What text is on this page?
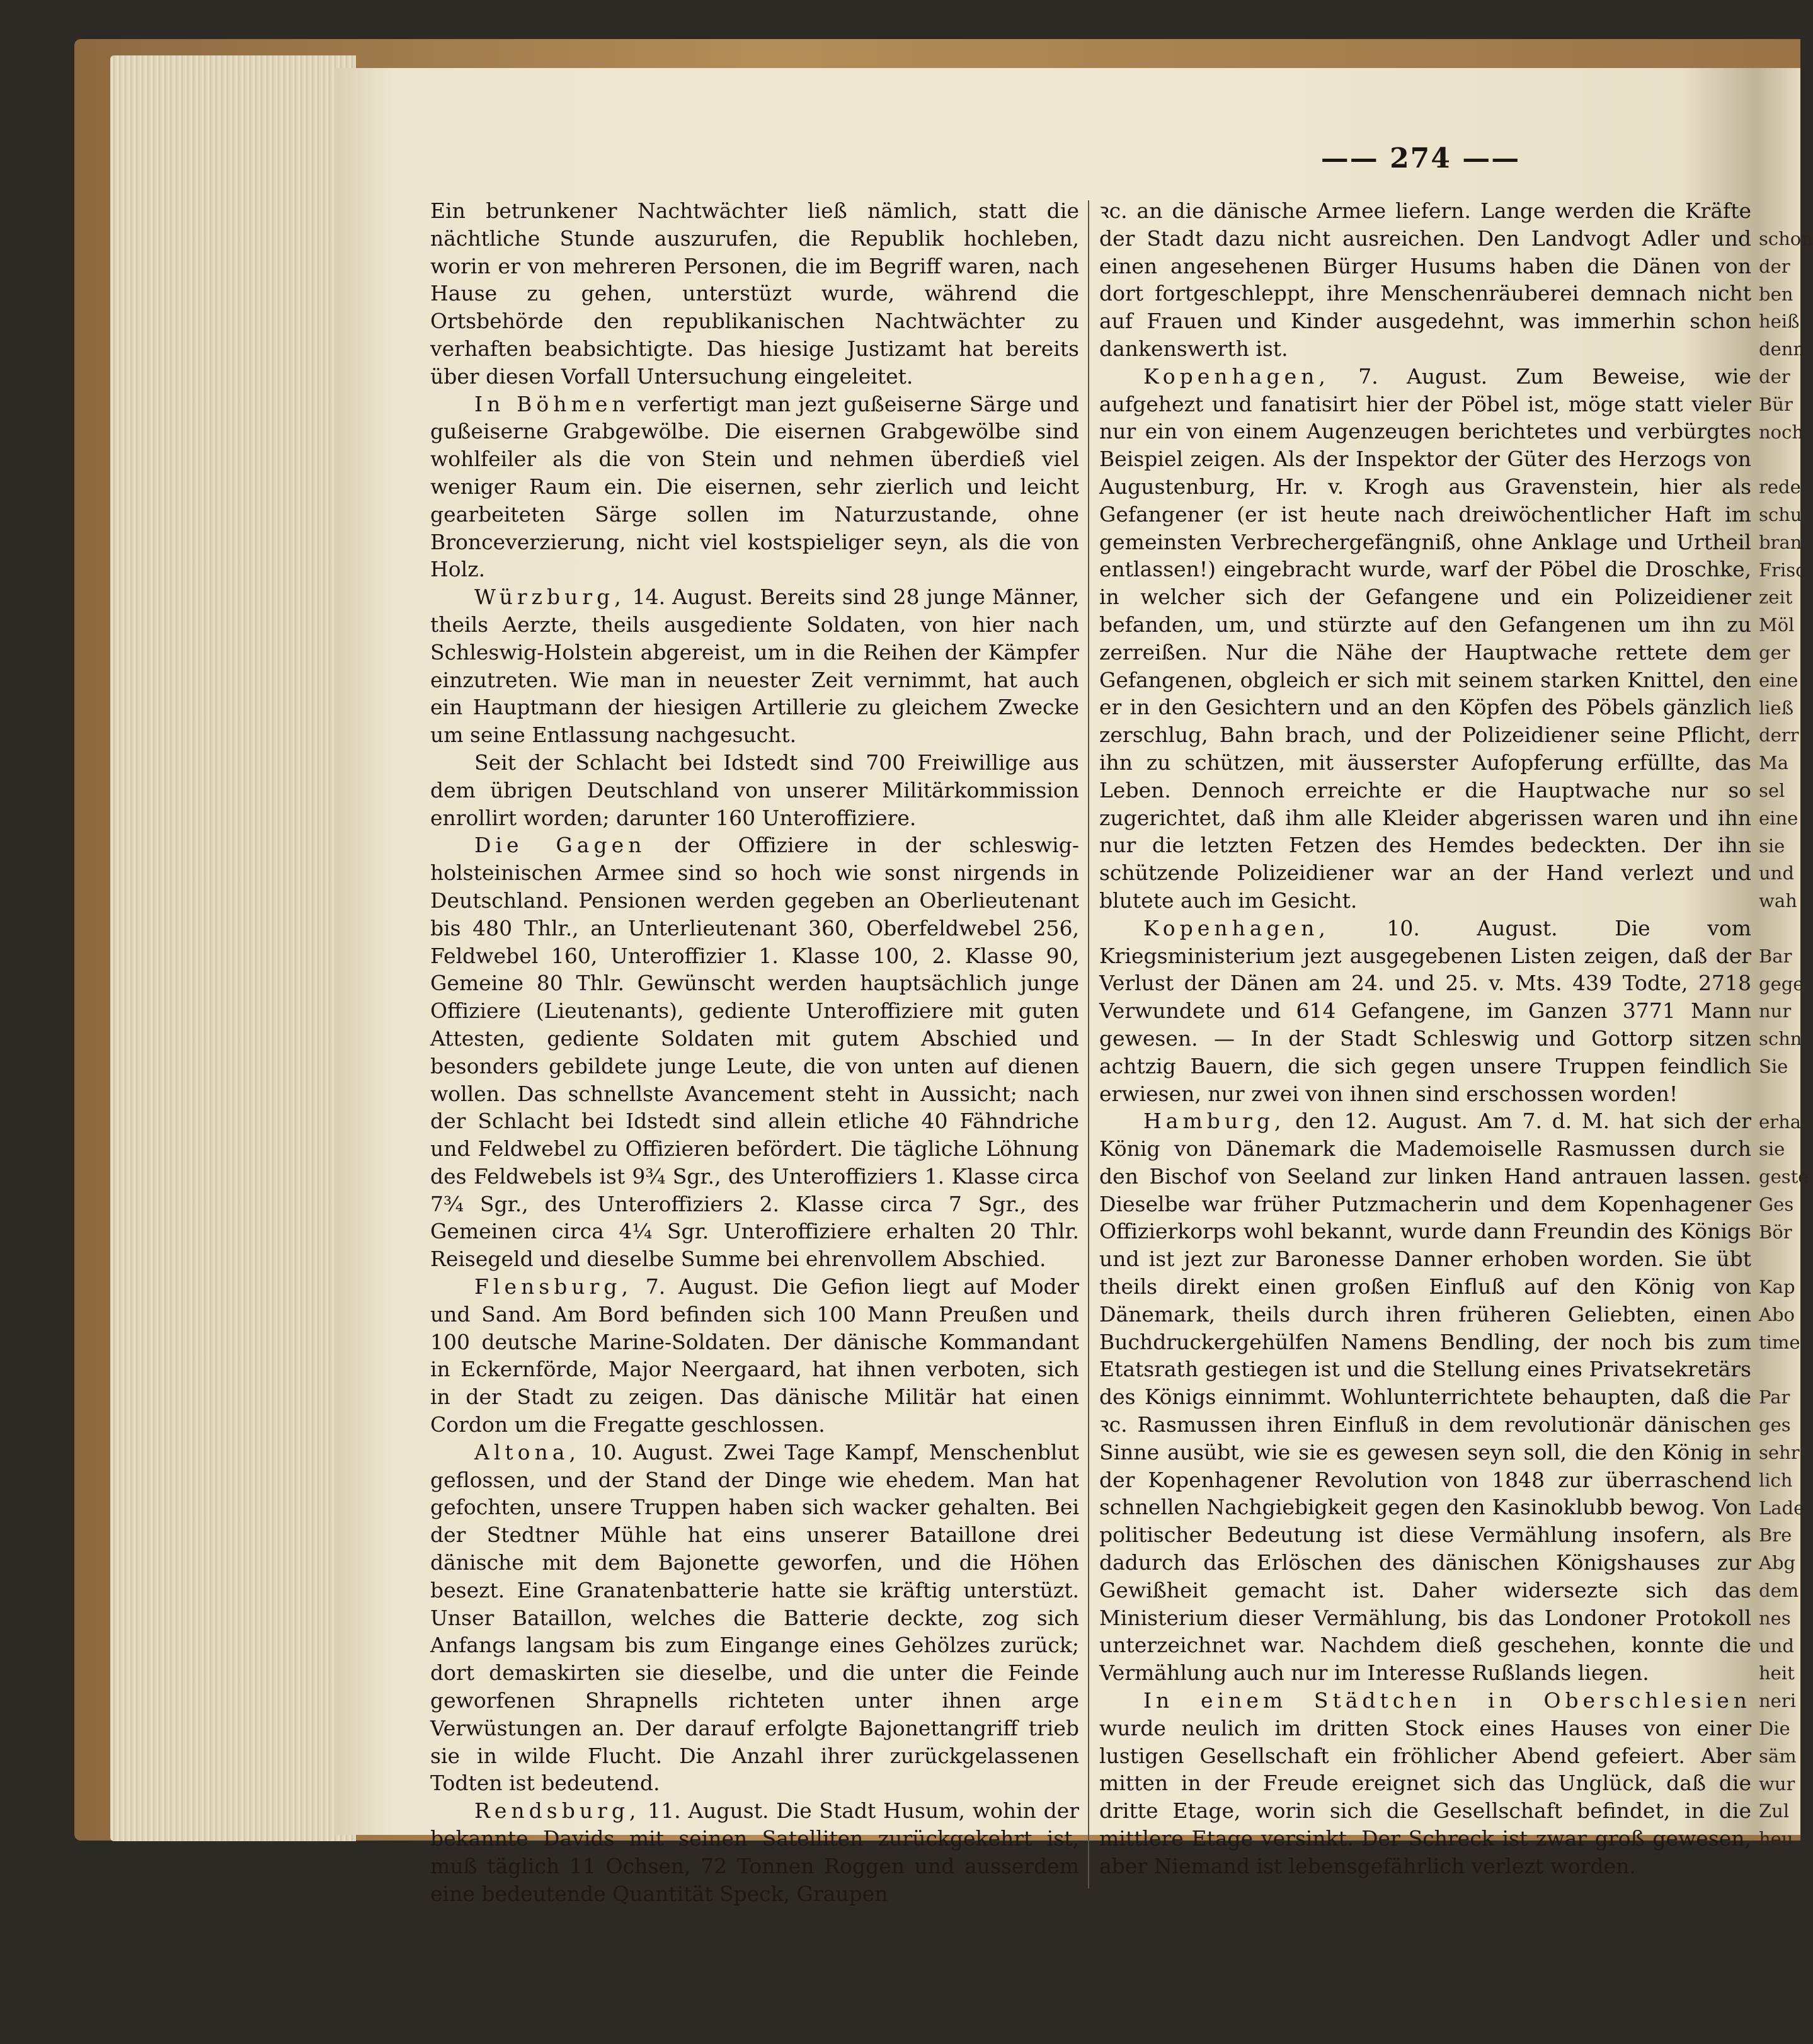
—— 274 ——

Ein betrunkener Nachtwächter ließ nämlich, statt die nächtliche Stunde auszurufen, die Republik hochleben, worin er von mehreren Personen, die im Begriff waren, nach Hause zu gehen, unterstüzt wurde, während die Ortsbehörde den republikanischen Nachtwächter zu verhaften beabsichtigte. Das hiesige Justizamt hat bereits über diesen Vorfall Untersuchung eingeleitet.

In Böhmen verfertigt man jezt gußeiserne Särge und gußeiserne Grabgewölbe. Die eisernen Grabgewölbe sind wohlfeiler als die von Stein und nehmen überdieß viel weniger Raum ein. Die eisernen, sehr zierlich und leicht gearbeiteten Särge sollen im Naturzustande, ohne Bronceverzierung, nicht viel kostspieliger seyn, als die von Holz.

Würzburg, 14. August. Bereits sind 28 junge Männer, theils Aerzte, theils ausgediente Soldaten, von hier nach Schleswig-Holstein abgereist, um in die Reihen der Kämpfer einzutreten. Wie man in neuester Zeit vernimmt, hat auch ein Hauptmann der hiesigen Artillerie zu gleichem Zwecke um seine Entlassung nachgesucht.

Seit der Schlacht bei Idstedt sind 700 Freiwillige aus dem übrigen Deutschland von unserer Militärkommission enrollirt worden; darunter 160 Unteroffiziere.

Die Gagen der Offiziere in der schleswig-holsteinischen Armee sind so hoch wie sonst nirgends in Deutschland. Pensionen werden gegeben an Oberlieutenant bis 480 Thlr., an Unterlieutenant 360, Oberfeldwebel 256, Feldwebel 160, Unteroffizier 1. Klasse 100, 2. Klasse 90, Gemeine 80 Thlr. Gewünscht werden hauptsächlich junge Offiziere (Lieutenants), gediente Unteroffiziere mit guten Attesten, gediente Soldaten mit gutem Abschied und besonders gebildete junge Leute, die von unten auf dienen wollen. Das schnellste Avancement steht in Aussicht; nach der Schlacht bei Idstedt sind allein etliche 40 Fähndriche und Feldwebel zu Offizieren befördert. Die tägliche Löhnung des Feldwebels ist 9¾ Sgr., des Unteroffiziers 1. Klasse circa 7¾ Sgr., des Unteroffiziers 2. Klasse circa 7 Sgr., des Gemeinen circa 4¼ Sgr. Unteroffiziere erhalten 20 Thlr. Reisegeld und dieselbe Summe bei ehrenvollem Abschied.

Flensburg, 7. August. Die Gefion liegt auf Moder und Sand. Am Bord befinden sich 100 Mann Preußen und 100 deutsche Marine-Soldaten. Der dänische Kommandant in Eckernförde, Major Neergaard, hat ihnen verboten, sich in der Stadt zu zeigen. Das dänische Militär hat einen Cordon um die Fregatte geschlossen.

Altona, 10. August. Zwei Tage Kampf, Menschenblut geflossen, und der Stand der Dinge wie ehedem. Man hat gefochten, unsere Truppen haben sich wacker gehalten. Bei der Stedtner Mühle hat eins unserer Bataillone drei dänische mit dem Bajonette geworfen, und die Höhen besezt. Eine Granatenbatterie hatte sie kräftig unterstüzt. Unser Bataillon, welches die Batterie deckte, zog sich Anfangs langsam bis zum Eingange eines Gehölzes zurück; dort demaskirten sie dieselbe, und die unter die Feinde geworfenen Shrapnells richteten unter ihnen arge Verwüstungen an. Der darauf erfolgte Bajonettangriff trieb sie in wilde Flucht. Die Anzahl ihrer zurückgelassenen Todten ist bedeutend.

Rendsburg, 11. August. Die Stadt Husum, wohin der bekannte Davids mit seinen Satelliten zurückgekehrt ist, muß täglich 11 Ochsen, 72 Tonnen Roggen und ausserdem eine bedeutende Quantität Speck, Graupen

ꝛc. an die dänische Armee liefern. Lange werden die Kräfte der Stadt dazu nicht ausreichen. Den Landvogt Adler und einen angesehenen Bürger Husums haben die Dänen von dort fortgeschleppt, ihre Menschenräuberei demnach nicht auf Frauen und Kinder ausgedehnt, was immerhin schon dankenswerth ist.

Kopenhagen, 7. August. Zum Beweise, wie aufgehezt und fanatisirt hier der Pöbel ist, möge statt vieler nur ein von einem Augenzeugen berichtetes und verbürgtes Beispiel zeigen. Als der Inspektor der Güter des Herzogs von Augustenburg, Hr. v. Krogh aus Gravenstein, hier als Gefangener (er ist heute nach dreiwöchentlicher Haft im gemeinsten Verbrechergefängniß, ohne Anklage und Urtheil entlassen!) eingebracht wurde, warf der Pöbel die Droschke, in welcher sich der Gefangene und ein Polizeidiener befanden, um, und stürzte auf den Gefangenen um ihn zu zerreißen. Nur die Nähe der Hauptwache rettete dem Gefangenen, obgleich er sich mit seinem starken Knittel, den er in den Gesichtern und an den Köpfen des Pöbels gänzlich zerschlug, Bahn brach, und der Polizeidiener seine Pflicht, ihn zu schützen, mit äusserster Aufopferung erfüllte, das Leben. Dennoch erreichte er die Hauptwache nur so zugerichtet, daß ihm alle Kleider abgerissen waren und ihn nur die letzten Fetzen des Hemdes bedeckten. Der ihn schützende Polizeidiener war an der Hand verlezt und blutete auch im Gesicht.

Kopenhagen, 10. August. Die vom Kriegsministerium jezt ausgegebenen Listen zeigen, daß der Verlust der Dänen am 24. und 25. v. Mts. 439 Todte, 2718 Verwundete und 614 Gefangene, im Ganzen 3771 Mann gewesen. — In der Stadt Schleswig und Gottorp sitzen achtzig Bauern, die sich gegen unsere Truppen feindlich erwiesen, nur zwei von ihnen sind erschossen worden!

Hamburg, den 12. August. Am 7. d. M. hat sich der König von Dänemark die Mademoiselle Rasmussen durch den Bischof von Seeland zur linken Hand antrauen lassen. Dieselbe war früher Putzmacherin und dem Kopenhagener Offizierkorps wohl bekannt, wurde dann Freundin des Königs und ist jezt zur Baronesse Danner erhoben worden. Sie übt theils direkt einen großen Einfluß auf den König von Dänemark, theils durch ihren früheren Geliebten, einen Buchdruckergehülfen Namens Bendling, der noch bis zum Etatsrath gestiegen ist und die Stellung eines Privatsekretärs des Königs einnimmt. Wohlunterrichtete behaupten, daß die ꝛc. Rasmussen ihren Einfluß in dem revolutionär dänischen Sinne ausübt, wie sie es gewesen seyn soll, die den König in der Kopenhagener Revolution von 1848 zur überraschend schnellen Nachgiebigkeit gegen den Kasinoklubb bewog. Von politischer Bedeutung ist diese Vermählung insofern, als dadurch das Erlöschen des dänischen Königshauses zur Gewißheit gemacht ist. Daher widersezte sich das Ministerium dieser Vermählung, bis das Londoner Protokoll unterzeichnet war. Nachdem dieß geschehen, konnte die Vermählung auch nur im Interesse Rußlands liegen.

In einem Städtchen in Oberschlesien wurde neulich im dritten Stock eines Hauses von einer lustigen Gesellschaft ein fröhlicher Abend gefeiert. Aber mitten in der Freude ereignet sich das Unglück, daß die dritte Etage, worin sich die Gesellschaft befindet, in die mittlere Etage versinkt. Der Schreck ist zwar groß gewesen, aber Niemand ist lebensgefährlich verlezt worden.

schon
der
ben
heiß
denn
der
Bür
noch
rede
schu
bran
Frisc
zeit
Möl
ger
eine
ließ
derr
Ma
sel
eine
sie
und
wah
Bar
gege
nur
schn
Sie
erha
sie
geste
Ges
Bör
Kap
Abo
time
Par
ges
sehr
lich
Lade
Bre
Abg
dem
nes
und
heit
neri
Die
säm
wur
Zul
heu
